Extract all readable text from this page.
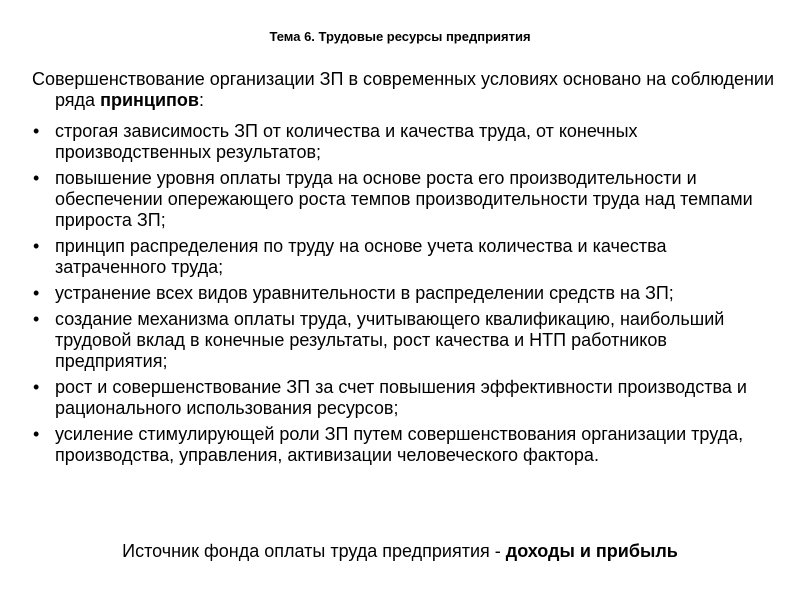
Тема 6. Трудовые ресурсы предприятия
Совершенствование организации ЗП в современных условиях основано на соблюдении ряда принципов:
• строгая зависимость ЗП от количества и качества труда, от конечных производственных результатов;
• повышение уровня оплаты труда на основе роста его производительности и обеспечении опережающего роста темпов производительности труда над темпами прироста ЗП;
• принцип распределения по труду на основе учета количества и качества затраченного труда;
• устранение всех видов уравнительности в распределении средств на ЗП;
• создание механизма оплаты труда, учитывающего квалификацию, наибольший трудовой вклад в конечные результаты, рост качества и НТП работников предприятия;
• рост и совершенствование ЗП за счет повышения эффективности производства и рационального использования ресурсов;
• усиление стимулирующей роли ЗП путем совершенствования организации труда, производства, управления, активизации человеческого фактора.
Источник фонда оплаты труда предприятия - доходы и прибыль
